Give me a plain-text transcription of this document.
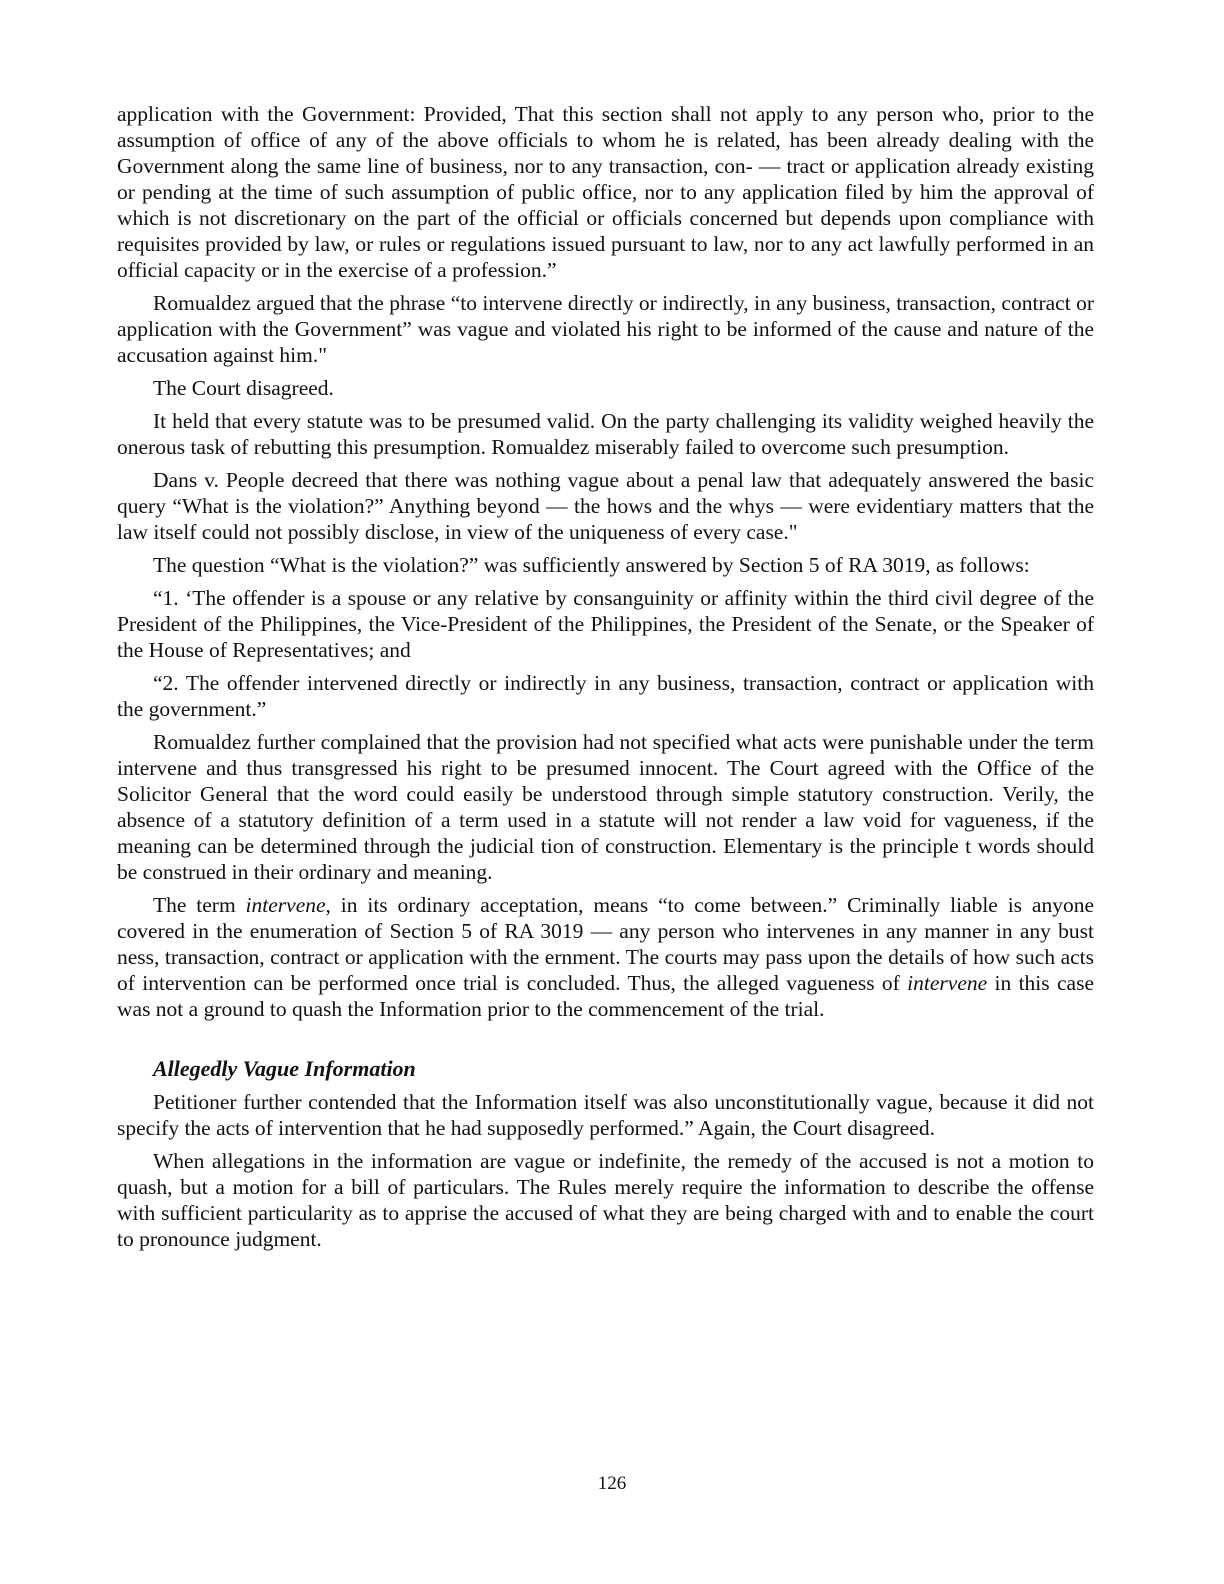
application with the Government: Provided, That this section shall not apply to any person who, prior to the assumption of office of any of the above officials to whom he is related, has been already dealing with the Government along the same line of business, nor to any transaction, con- — tract or application already existing or pending at the time of such assumption of public office, nor to any application filed by him the approval of which is not discretionary on the part of the official or officials concerned but depends upon compliance with requisites provided by law, or rules or regulations issued pursuant to law, nor to any act lawfully performed in an official capacity or in the exercise of a profession.”

Romualdez argued that the phrase “to intervene directly or indirectly, in any business, transaction, contract or application with the Government” was vague and violated his right to be informed of the cause and nature of the accusation against him."

The Court disagreed.

It held that every statute was to be presumed valid. On the party challenging its validity weighed heavily the onerous task of rebutting this presumption. Romualdez miserably failed to overcome such presumption.

Dans v. People decreed that there was nothing vague about a penal law that adequately answered the basic query “What is the violation?” Anything beyond — the hows and the whys — were evidentiary matters that the law itself could not possibly disclose, in view of the uniqueness of every case."

The question “What is the violation?” was sufficiently answered by Section 5 of RA 3019, as follows:

“1. ‘The offender is a spouse or any relative by consanguinity or affinity within the third civil degree of the President of the Philippines, the Vice-President of the Philippines, the President of the Senate, or the Speaker of the House of Representatives; and

“2. The offender intervened directly or indirectly in any business, transaction, contract or application with the government.”

Romualdez further complained that the provision had not specified what acts were punishable under the term intervene and thus transgressed his right to be presumed innocent. The Court agreed with the Office of the Solicitor General that the word could easily be understood through simple statutory construction. Verily, the absence of a statutory definition of a term used in a statute will not render a law void for vagueness, if the meaning can be determined through the judicial tion of construction. Elementary is the principle t words should be construed in their ordinary and meaning.

The term intervene, in its ordinary acceptation, means “to come between.” Criminally liable is anyone covered in the enumeration of Section 5 of RA 3019 — any person who intervenes in any manner in any bust ness, transaction, contract or application with the ernment. The courts may pass upon the details of how such acts of intervention can be performed once trial is concluded. Thus, the alleged vagueness of intervene in this case was not a ground to quash the Information prior to the commencement of the trial.

Allegedly Vague Information

Petitioner further contended that the Information itself was also unconstitutionally vague, because it did not specify the acts of intervention that he had supposedly performed.” Again, the Court disagreed.

When allegations in the information are vague or indefinite, the remedy of the accused is not a motion to quash, but a motion for a bill of particulars. The Rules merely require the information to describe the offense with sufficient particularity as to apprise the accused of what they are being charged with and to enable the court to pronounce judgment.

126
